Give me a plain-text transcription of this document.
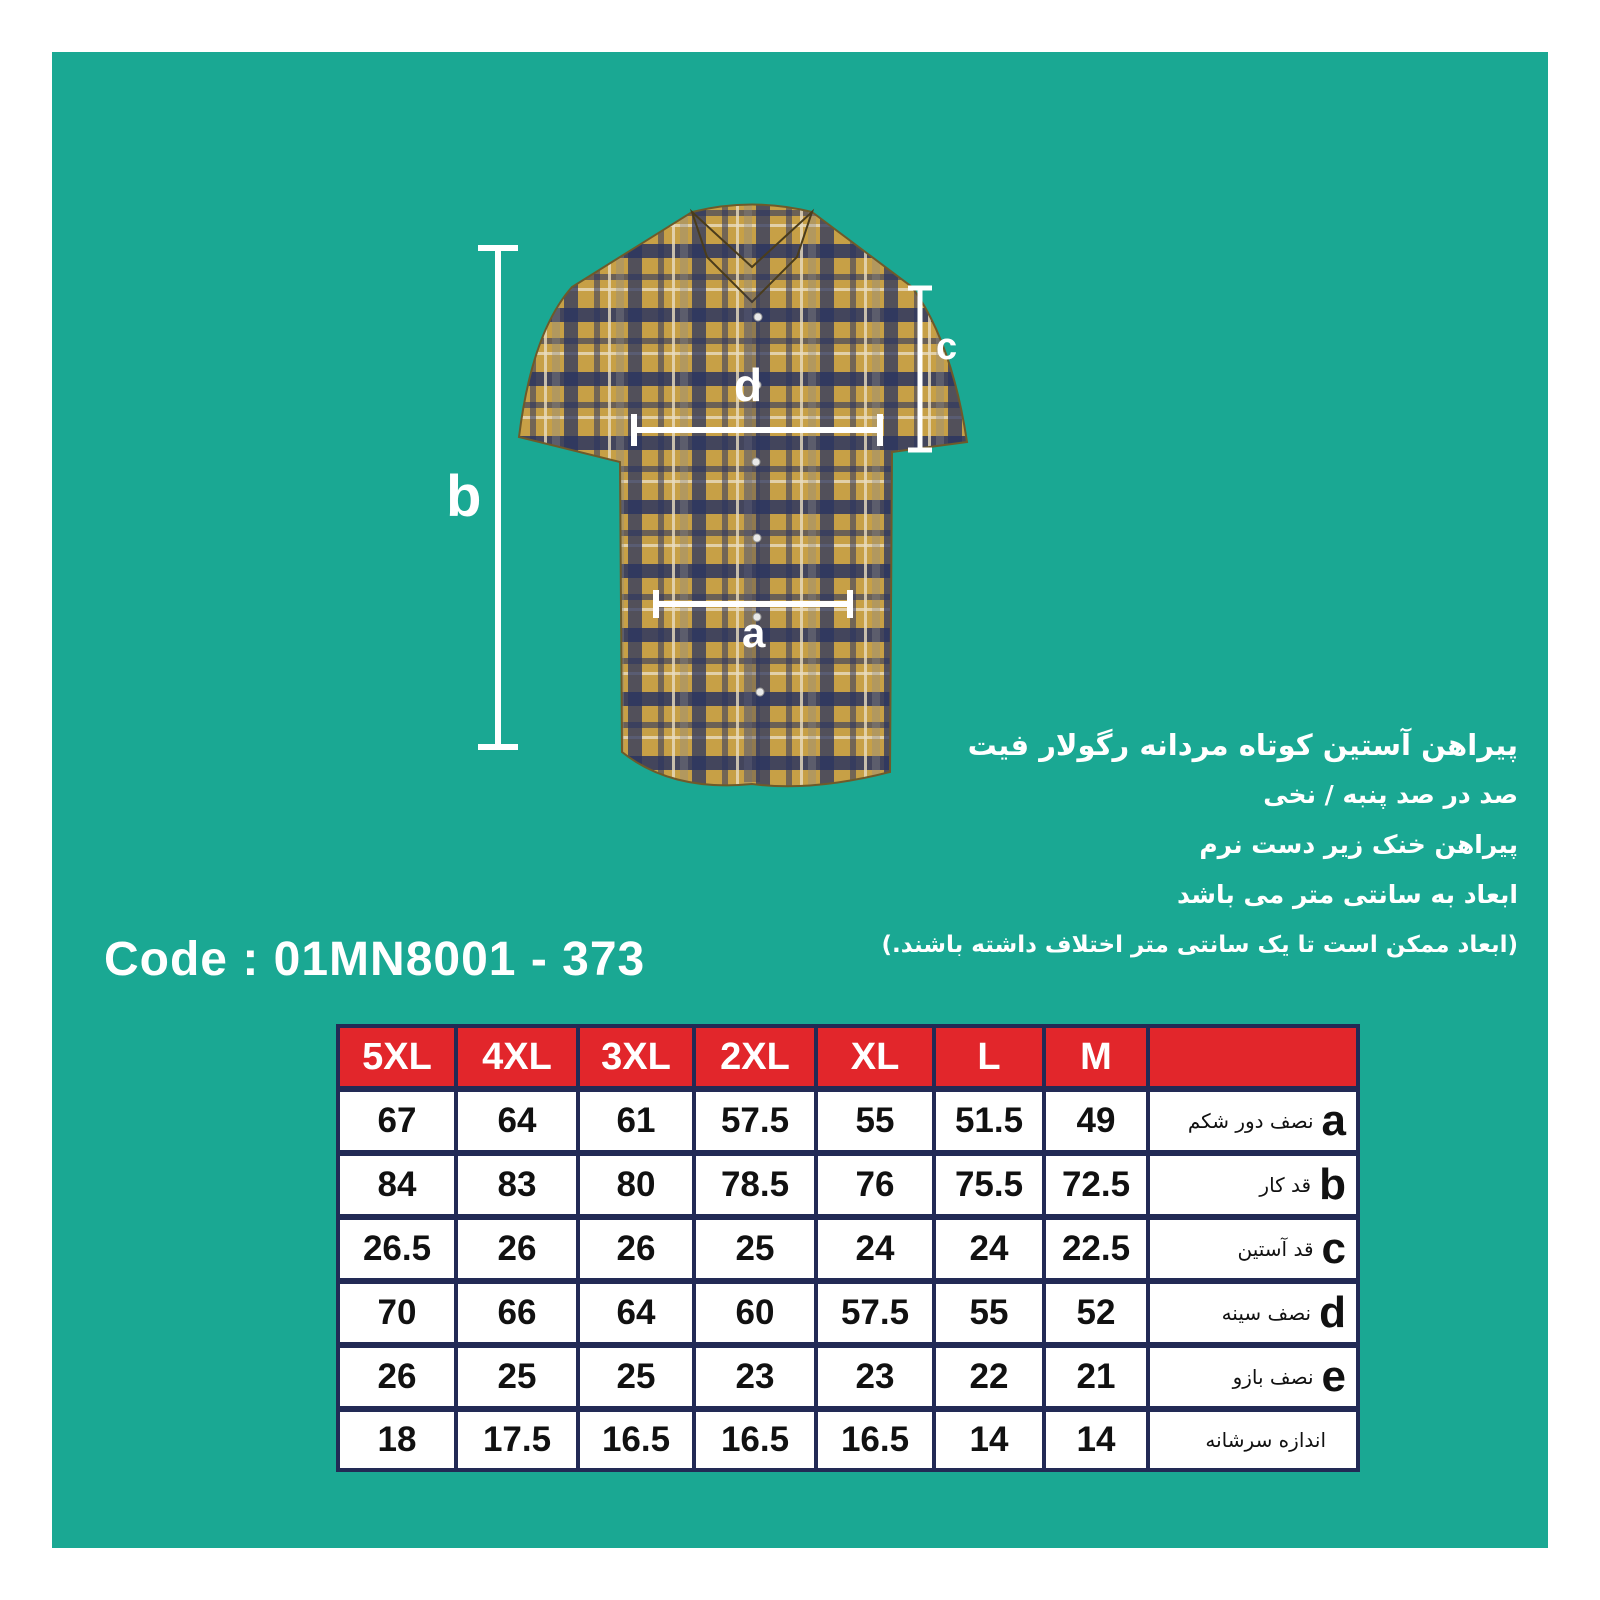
b
d
a
c
پیراهن آستین کوتاه مردانه رگولار فیت
صد در صد پنبه / نخی
پیراهن خنک زیر دست نرم
ابعاد به سانتی متر می باشد
(ابعاد ممکن است تا یک سانتی متر اختلاف داشته باشند.)
Code : 01MN8001 - 373
5XL	4XL	3XL	2XL	XL	L	M

67	64	61	57.5	55	51.5	49	نصف دور شکم a

84	83	80	78.5	76	75.5	72.5	قد کار b

26.5	26	26	25	24	24	22.5	قد آستین c

70	66	64	60	57.5	55	52	نصف سینه d

26	25	25	23	23	22	21	نصف بازو e

18	17.5	16.5	16.5	16.5	14	14	اندازه سرشانه
